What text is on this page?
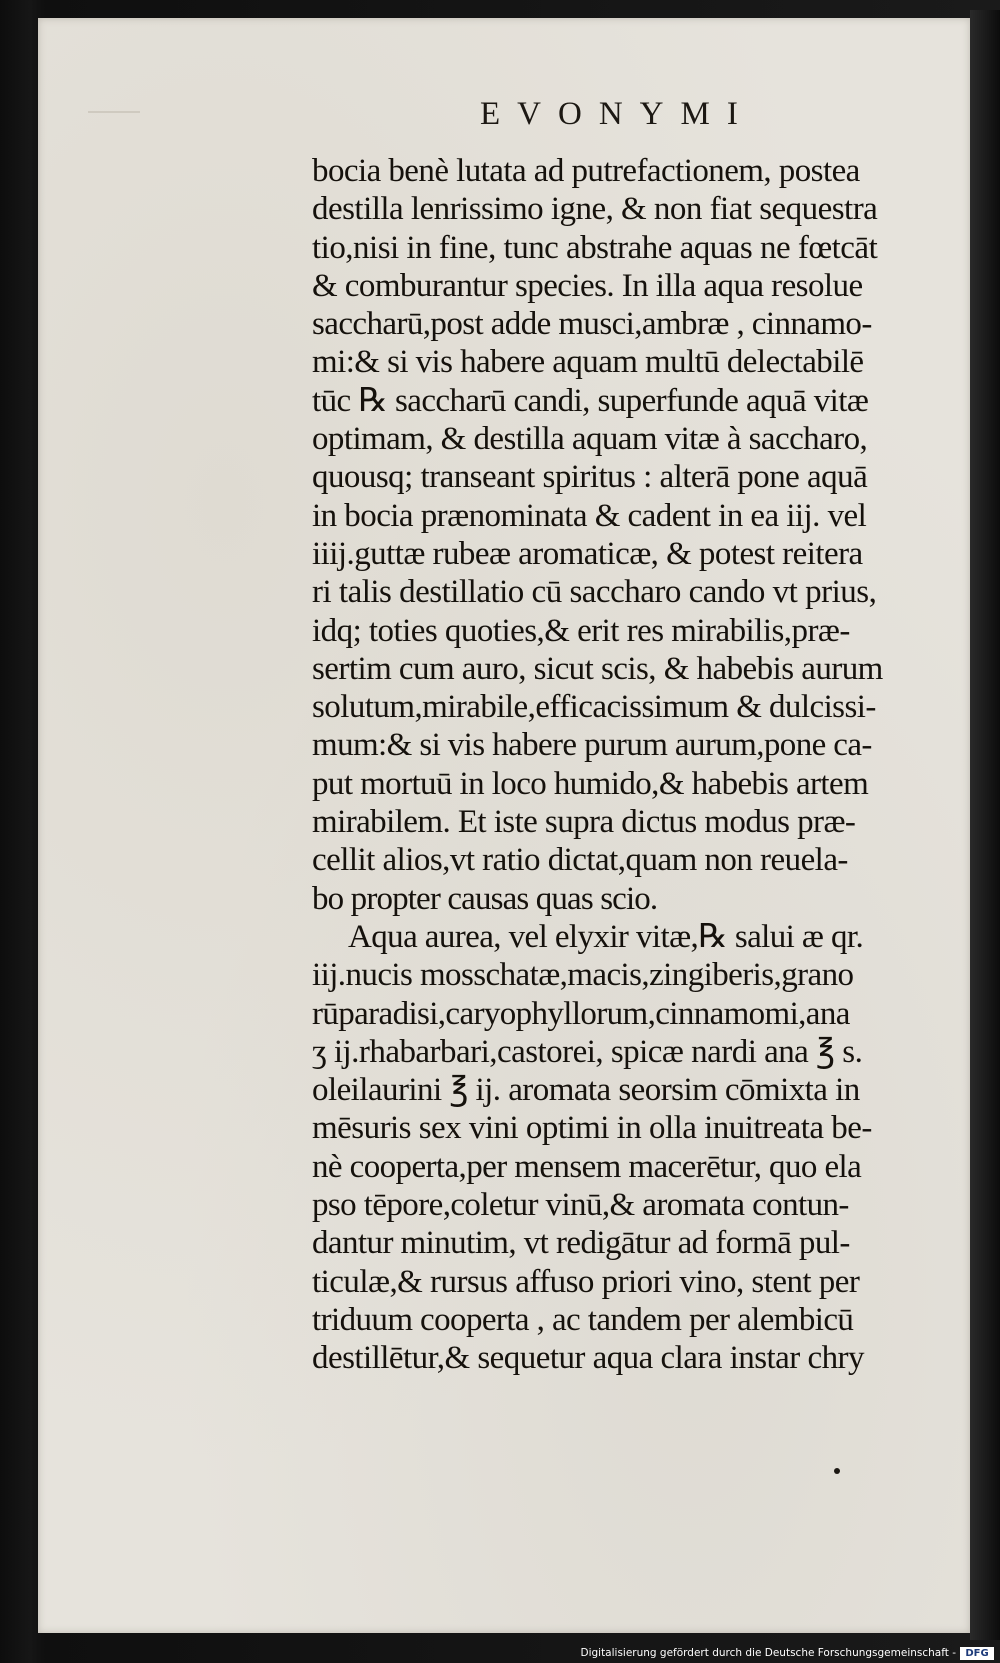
EVONYMI
bocia benè lutata ad putrefactionem, postea
destilla lenrissimo igne, & non fiat sequestra
tio,nisi in fine, tunc abstrahe aquas ne fœtcāt
& comburantur species. In illa aqua resolue
saccharū,post adde musci,ambræ , cinnamo-
mi:& si vis habere aquam multū delectabilē
tūc ℞ saccharū candi, superfunde aquā vitæ
optimam, & destilla aquam vitæ à saccharo,
quousq; transeant spiritus : alterā pone aquā
in bocia prænominata & cadent in ea iij. vel
iiij.guttæ rubeæ aromaticæ, & potest reitera
ri talis destillatio cū saccharo cando vt prius,
idq; toties quoties,& erit res mirabilis,præ-
sertim cum auro, sicut scis, & habebis aurum
solutum,mirabile,efficacissimum & dulcissi-
mum:& si vis habere purum aurum,pone ca-
put mortuū in loco humido,& habebis artem
mirabilem. Et iste supra dictus modus præ-
cellit alios,vt ratio dictat,quam non reuela-
bo propter causas quas scio.
Aqua aurea, vel elyxir vitæ,℞ salui æ qr.
iij.nucis mosschatæ,macis,zingiberis,grano
rūparadisi,caryophyllorum,cinnamomi,ana
ʒ ij.rhabarbari,castorei, spicæ nardi ana ℥ s.
oleilaurini ℥ ij. aromata seorsim cōmixta in
mēsuris sex vini optimi in olla inuitreata be-
nè cooperta,per mensem macerētur, quo ela
pso tēpore,coletur vinū,& aromata contun-
dantur minutim, vt redigātur ad formā pul-
ticulæ,& rursus affuso priori vino, stent per
triduum cooperta , ac tandem per alembicū
destillētur,& sequetur aqua clara instar chry
Digitalisierung gefördert durch die Deutsche Forschungsgemeinschaft - DFG
